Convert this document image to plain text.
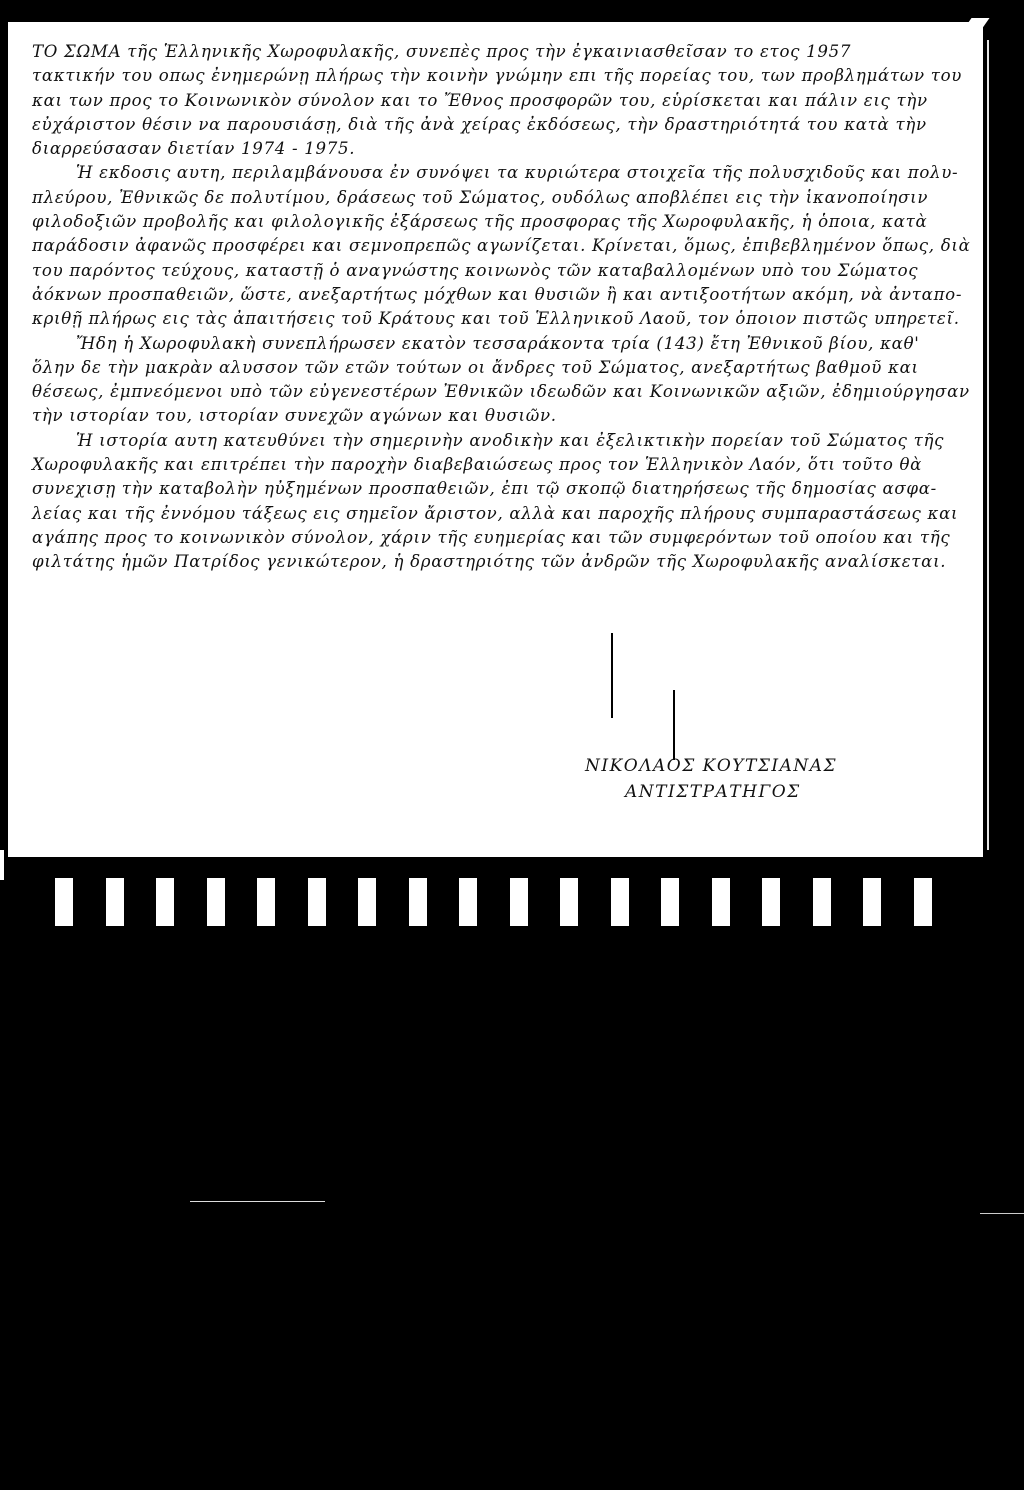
ΤΟ ΣΩΜΑ τῆς Ἑλληνικῆς Χωροφυλακῆς, συνεπὲς προς τὴν ἐγκαινιασθεῖσαν το ετος 1957
τακτικήν του οπως ἐνημερώνῃ πλήρως τὴν κοινὴν γνώμην επι τῆς πορείας του, των προβλημάτων του
και των προς το Κοινωνικὸν σύνολον και το Ἔθνος προσφορῶν του, εὑρίσκεται και πάλιν εις τὴν
εὐχάριστον θέσιν να παρουσιάσῃ, διὰ τῆς ἀνὰ χείρας ἐκδόσεως, τὴν δραστηριότητά του κατὰ τὴν
διαρρεύσασαν διετίαν 1974 - 1975.
Ἡ εκδοσις αυτη, περιλαμβάνουσα ἐν συνόψει τα κυριώτερα στοιχεῖα τῆς πολυσχιδοῦς και πολυ-
πλεύρου, Ἐθνικῶς δε πολυτίμου, δράσεως τοῦ Σώματος, ουδόλως αποβλέπει εις τὴν ἱκανοποίησιν
φιλοδοξιῶν προβολῆς και φιλολογικῆς ἐξάρσεως τῆς προσφορας τῆς Χωροφυλακῆς, ἡ ὁποια, κατὰ
παράδοσιν ἀφανῶς προσφέρει και σεμνοπρεπῶς αγωνίζεται. Κρίνεται, ὅμως, ἐπιβεβλημένον ὅπως, διὰ
του παρόντος τεύχους, καταστῇ ὁ αναγνώστης κοινωνὸς τῶν καταβαλλομένων υπὸ του Σώματος
ἀόκνων προσπαθειῶν, ὥστε, ανεξαρτήτως μόχθων και θυσιῶν ἢ και αντιξοοτήτων ακόμη, νὰ ἀνταπο-
κριθῇ πλήρως εις τὰς ἀπαιτήσεις τοῦ Κράτους και τοῦ Ἑλληνικοῦ Λαοῦ, τον ὁποιον πιστῶς υπηρετεῖ.
Ἤδη ἡ Χωροφυλακὴ συνεπλήρωσεν εκατὸν τεσσαράκοντα τρία (143) ἔτη Ἐθνικοῦ βίου, καθ'
ὅλην δε τὴν μακρὰν αλυσσον τῶν ετῶν τούτων οι ἄνδρες τοῦ Σώματος, ανεξαρτήτως βαθμοῦ και
θέσεως, ἐμπνεόμενοι υπὸ τῶν εὐγενεστέρων Ἐθνικῶν ιδεωδῶν και Κοινωνικῶν αξιῶν, ἐδημιούργησαν
τὴν ιστορίαν του, ιστορίαν συνεχῶν αγώνων και θυσιῶν.
Ἡ ιστορία αυτη κατευθύνει τὴν σημερινὴν ανοδικὴν και ἐξελικτικὴν πορείαν τοῦ Σώματος τῆς
Χωροφυλακῆς και επιτρέπει τὴν παροχὴν διαβεβαιώσεως προς τον Ἑλληνικὸν Λαόν, ὅτι τοῦτο θὰ
συνεχισῃ τὴν καταβολὴν ηὐξημένων προσπαθειῶν, ἐπι τῷ σκοπῷ διατηρήσεως τῆς δημοσίας ασφα-
λείας και τῆς ἐννόμου τάξεως εις σημεῖον ἄριστον, αλλὰ και παροχῆς πλήρους συμπαραστάσεως και
αγάπης προς το κοινωνικὸν σύνολον, χάριν τῆς ευημερίας και τῶν συμφερόντων τοῦ οποίου και τῆς
φιλτάτης ἡμῶν Πατρίδος γενικώτερον, ἡ δραστηριότης τῶν ἀνδρῶν τῆς Χωροφυλακῆς αναλίσκεται.
ΝΙΚΟΛΑΟΣ ΚΟΥΤΣΙΑΝΑΣ
ΑΝΤΙΣΤΡΑΤΗΓΟΣ
